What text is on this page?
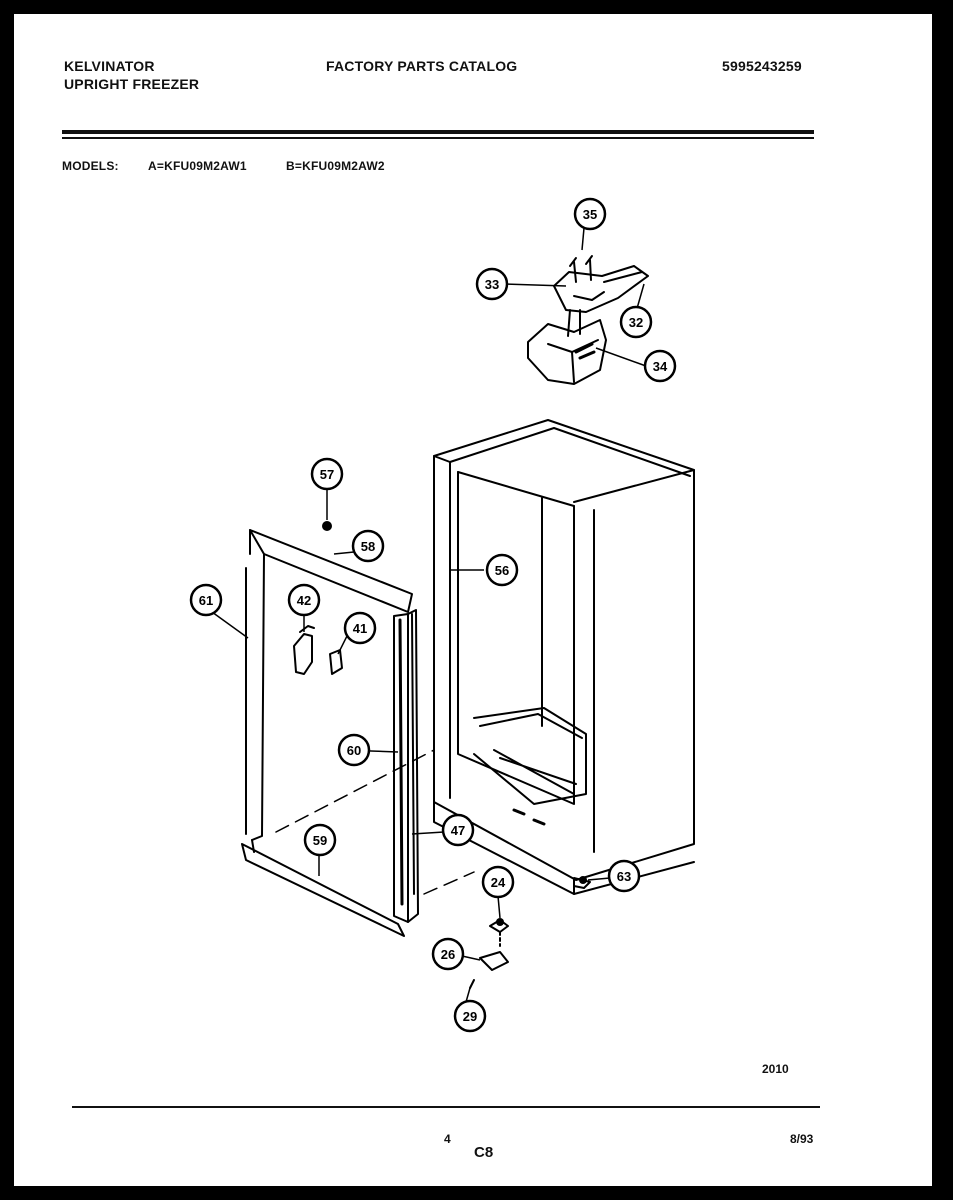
KELVINATOR
UPRIGHT FREEZER
FACTORY PARTS CATALOG	5995243259
MODELS: A=KFU09M2AW1	B=KFU09M2AW2
35
33
32
34
57
58
61	42
41
56
60
47
59
24	63
26
29
2010
4
C8
8/93
